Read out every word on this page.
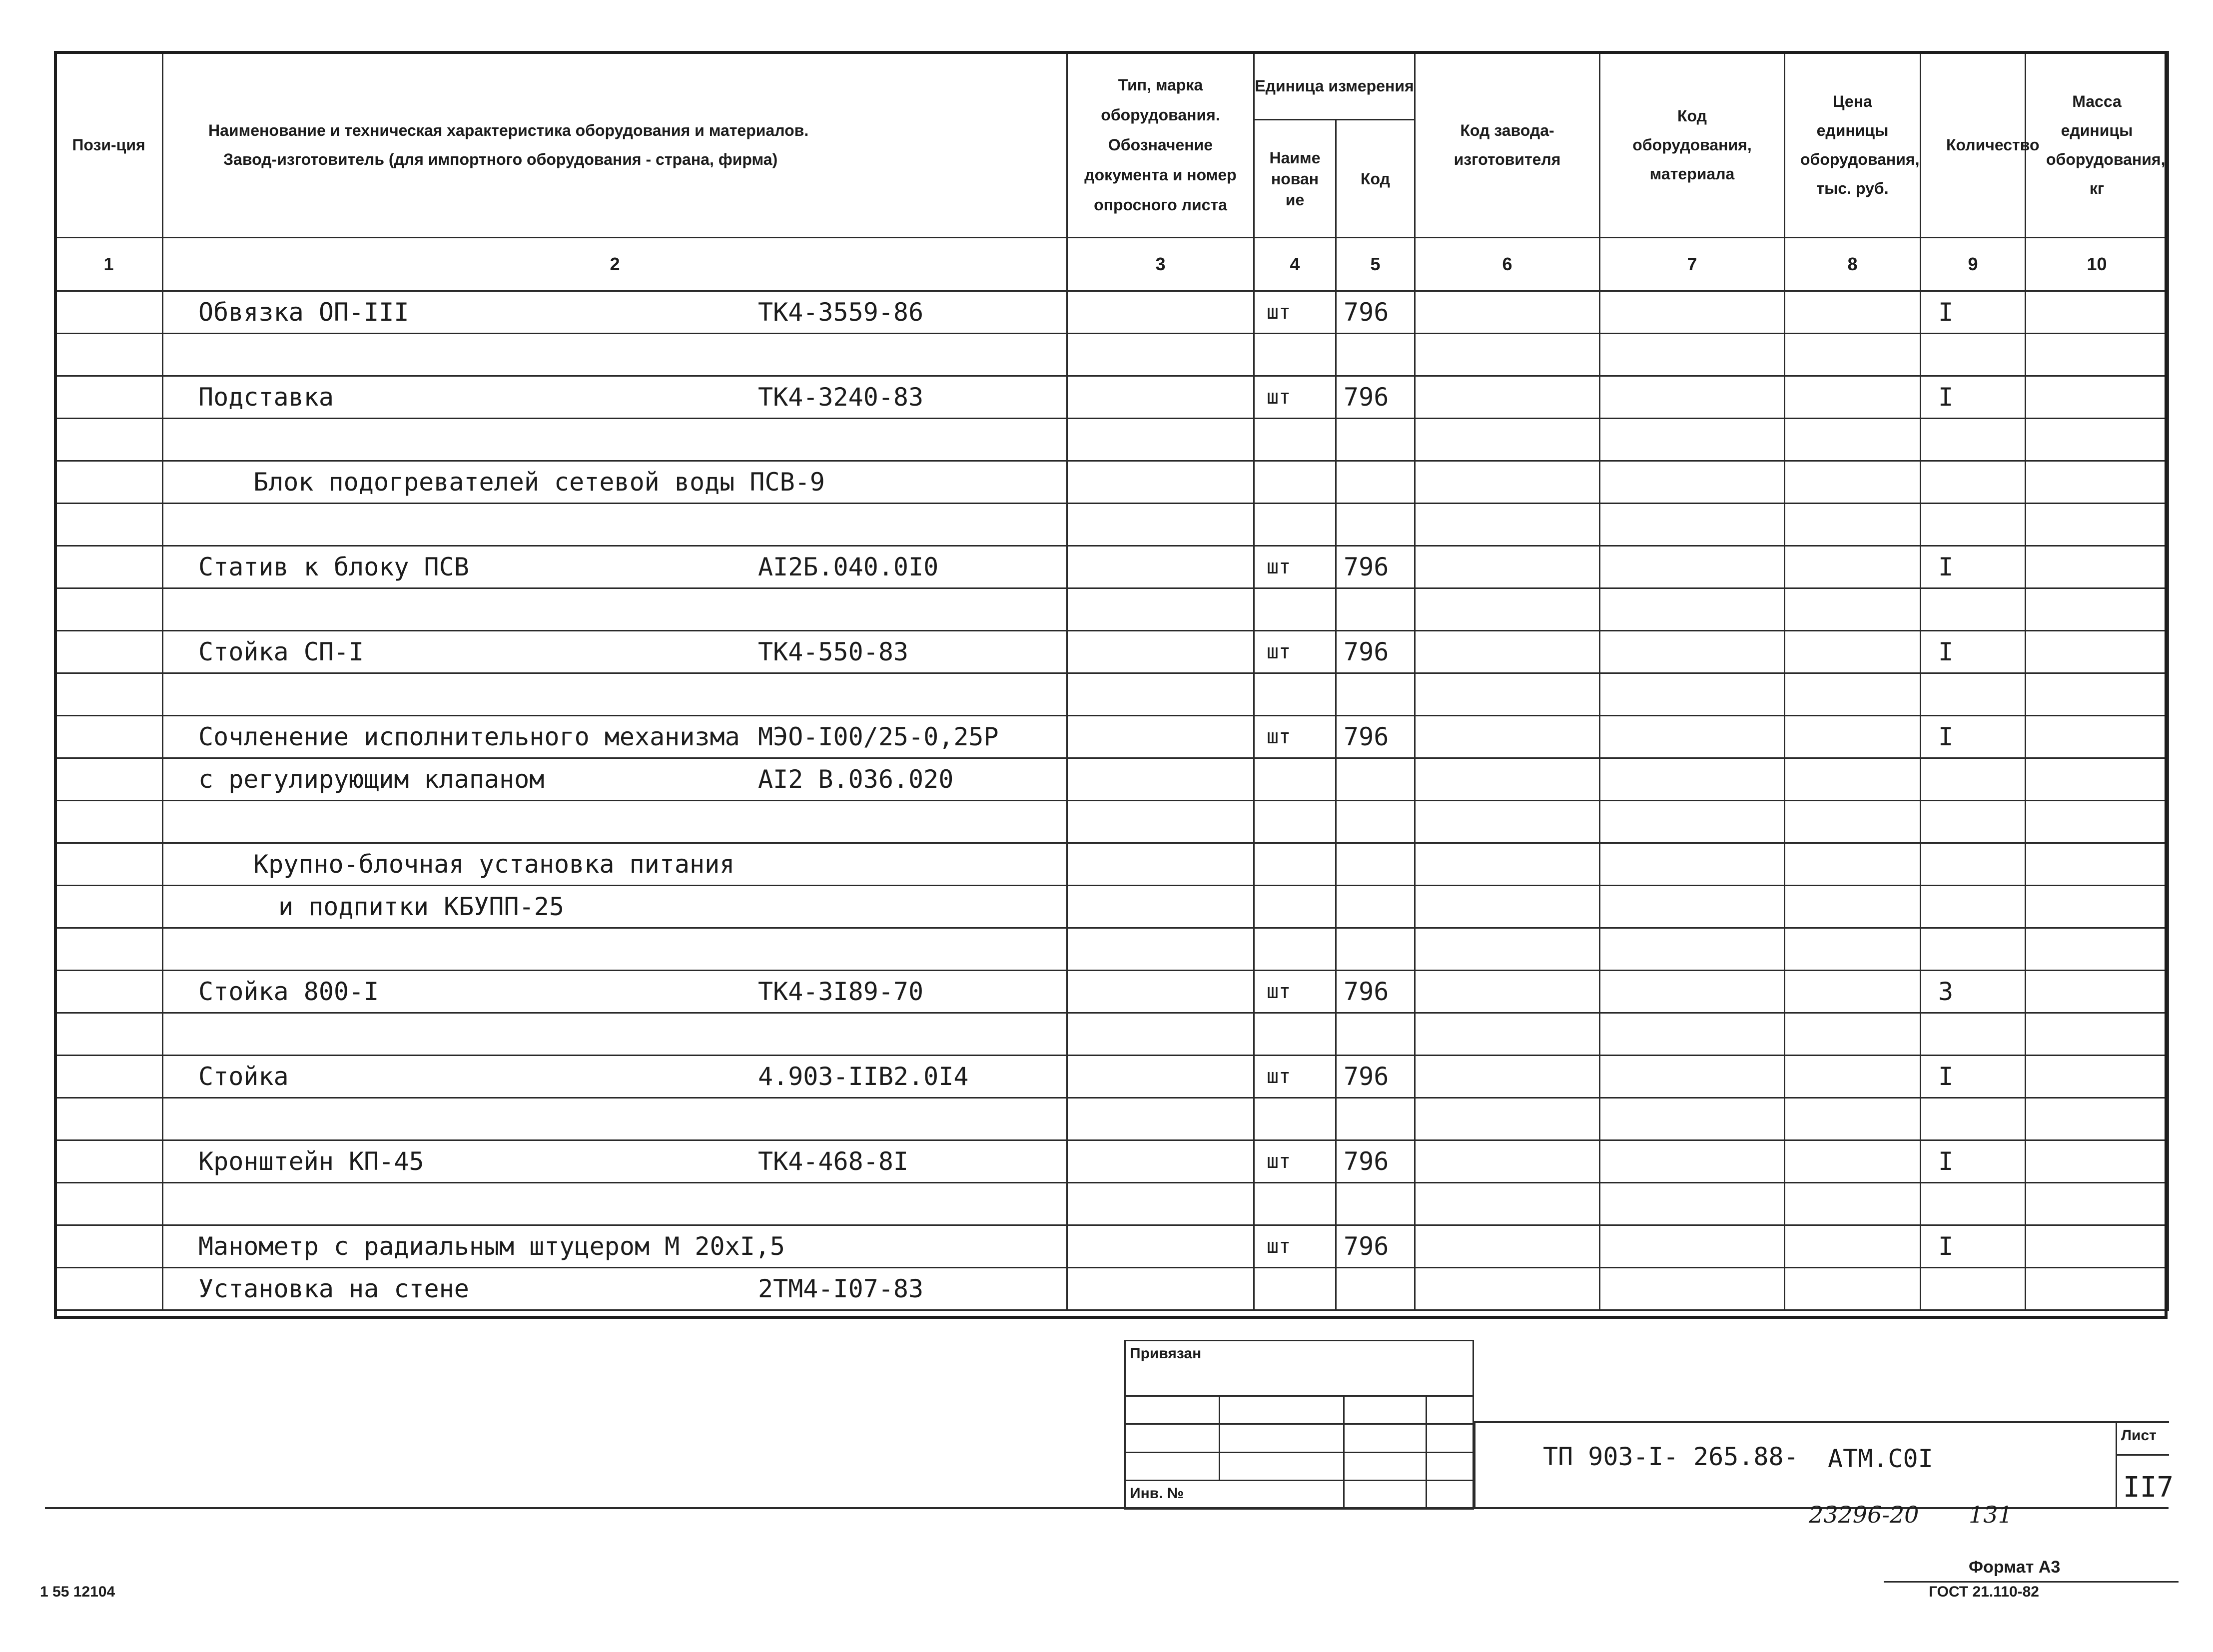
Пози-ция	Наименование и техническая характеристика оборудования и материалов.
Завод-изготовитель (для импортного оборудования - страна, фирма)	Тип, марка оборудования. Обозначение документа и номер опросного листа	Единица измерения		Код завода-изготовителя	Код оборудования, материала	Цена единицы оборудования, тыс. руб.	Количество	Масса единицы оборудования, кг
			Наименование	Код					
1	2	3	4	5	6	7	8	9	10

	Обвязка ОП-III ТК4-3559-86		шт	796				I	

	Подставка ТК4-3240-83		шт	796				I	

	Блок подогревателей сетевой воды ПСВ-9								

	Статив к блоку ПСВ АI2Б.040.0I0		шт	796				I	

	Стойка СП-I ТК4-550-83		шт	796				I	

	Сочленение исполнительного механизма МЭО-I00/25-0,25Р		шт	796				I	

	с регулирующим клапаном АI2 В.036.020								

	Крупно-блочная установка питания								

	и подпитки КБУПП-25								

	Стойка 800-I ТК4-3I89-70		шт	796				3	

	Стойка 4.903-IIВ2.0I4		шт	796				I	

	Кронштейн КП-45 ТК4-468-8I		шт	796				I	

	Манометр с радиальным штуцером М 20хI,5		шт	796				I	

	Установка на стене 2ТМ4-I07-83								

Привязан			

Инв. №			
ТП 903-I- 265.88- АТМ.С0I
Лист
II7
23296-20 131
Формат А3
ГОСТ 21.110-82
1 55 12104
